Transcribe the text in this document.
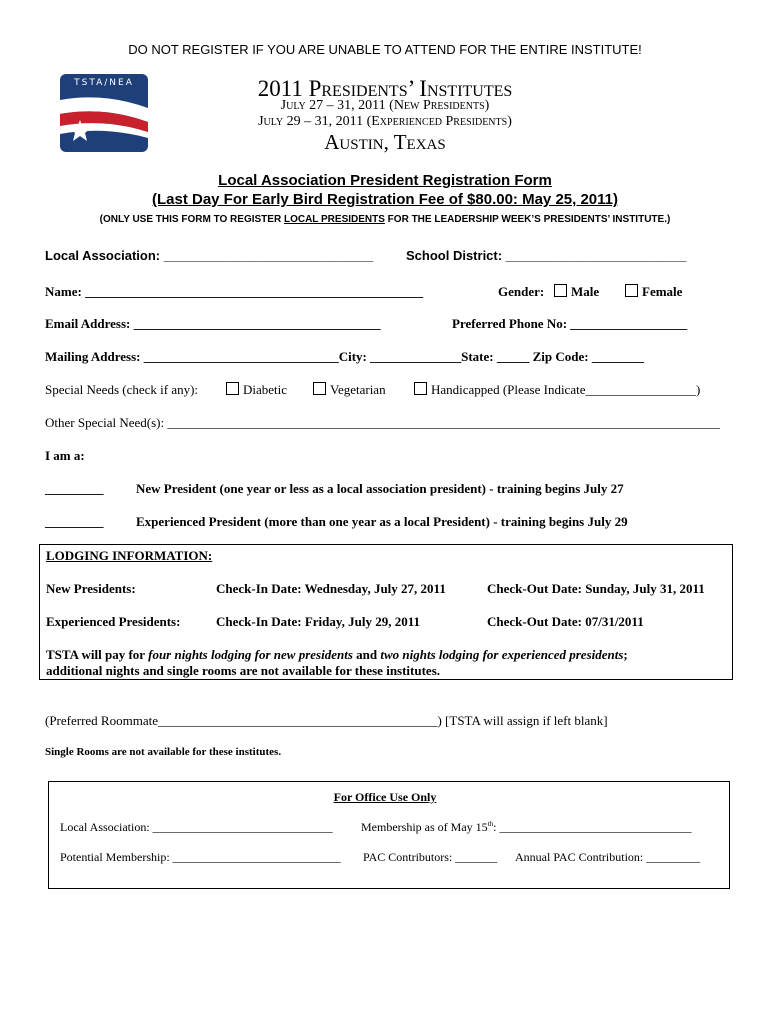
DO NOT REGISTER IF YOU ARE UNABLE TO ATTEND FOR THE ENTIRE INSTITUTE!
TSTA/NEA	2011 Presidents’ Institutes
July 27 – 31, 2011 (New Presidents)
July 29 – 31, 2011 (Experienced Presidents)
Austin, Texas
Local Association President Registration Form
(Last Day For Early Bird Registration Fee of $80.00: May 25, 2011)
(ONLY USE THIS FORM TO REGISTER LOCAL PRESIDENTS FOR THE LEADERSHIP WEEK’S PRESIDENTS’ INSTITUTE.)
Local Association: _____________________________	School District: _________________________
Name: ____________________________________________________	Gender:	Male	Female
Email Address: ______________________________________	Preferred Phone No: __________________
Mailing Address: ______________________________City: ______________State: _____ Zip Code: ________
Special Needs (check if any):	Diabetic	Vegetarian	Handicapped (Please Indicate_________________)
Other Special Need(s): _____________________________________________________________________________________
I am a:
_________	New President (one year or less as a local association president) - training begins July 27
_________	Experienced President (more than one year as a local President) - training begins July 29
LODGING INFORMATION:
New Presidents:	Check-In Date: Wednesday, July 27, 2011	Check-Out Date: Sunday, July 31, 2011
Experienced Presidents:	Check-In Date: Friday, July 29, 2011	Check-Out Date: 07/31/2011
TSTA will pay for four nights lodging for new presidents and two nights lodging for experienced presidents;
additional nights and single rooms are not available for these institutes.
(Preferred Roommate___________________________________________) [TSTA will assign if left blank]
Single Rooms are not available for these institutes.
For Office Use Only
Local Association: ______________________________ Membership as of May 15th: ________________________________
Potential Membership: ____________________________ PAC Contributors: _______ Annual PAC Contribution: _________
